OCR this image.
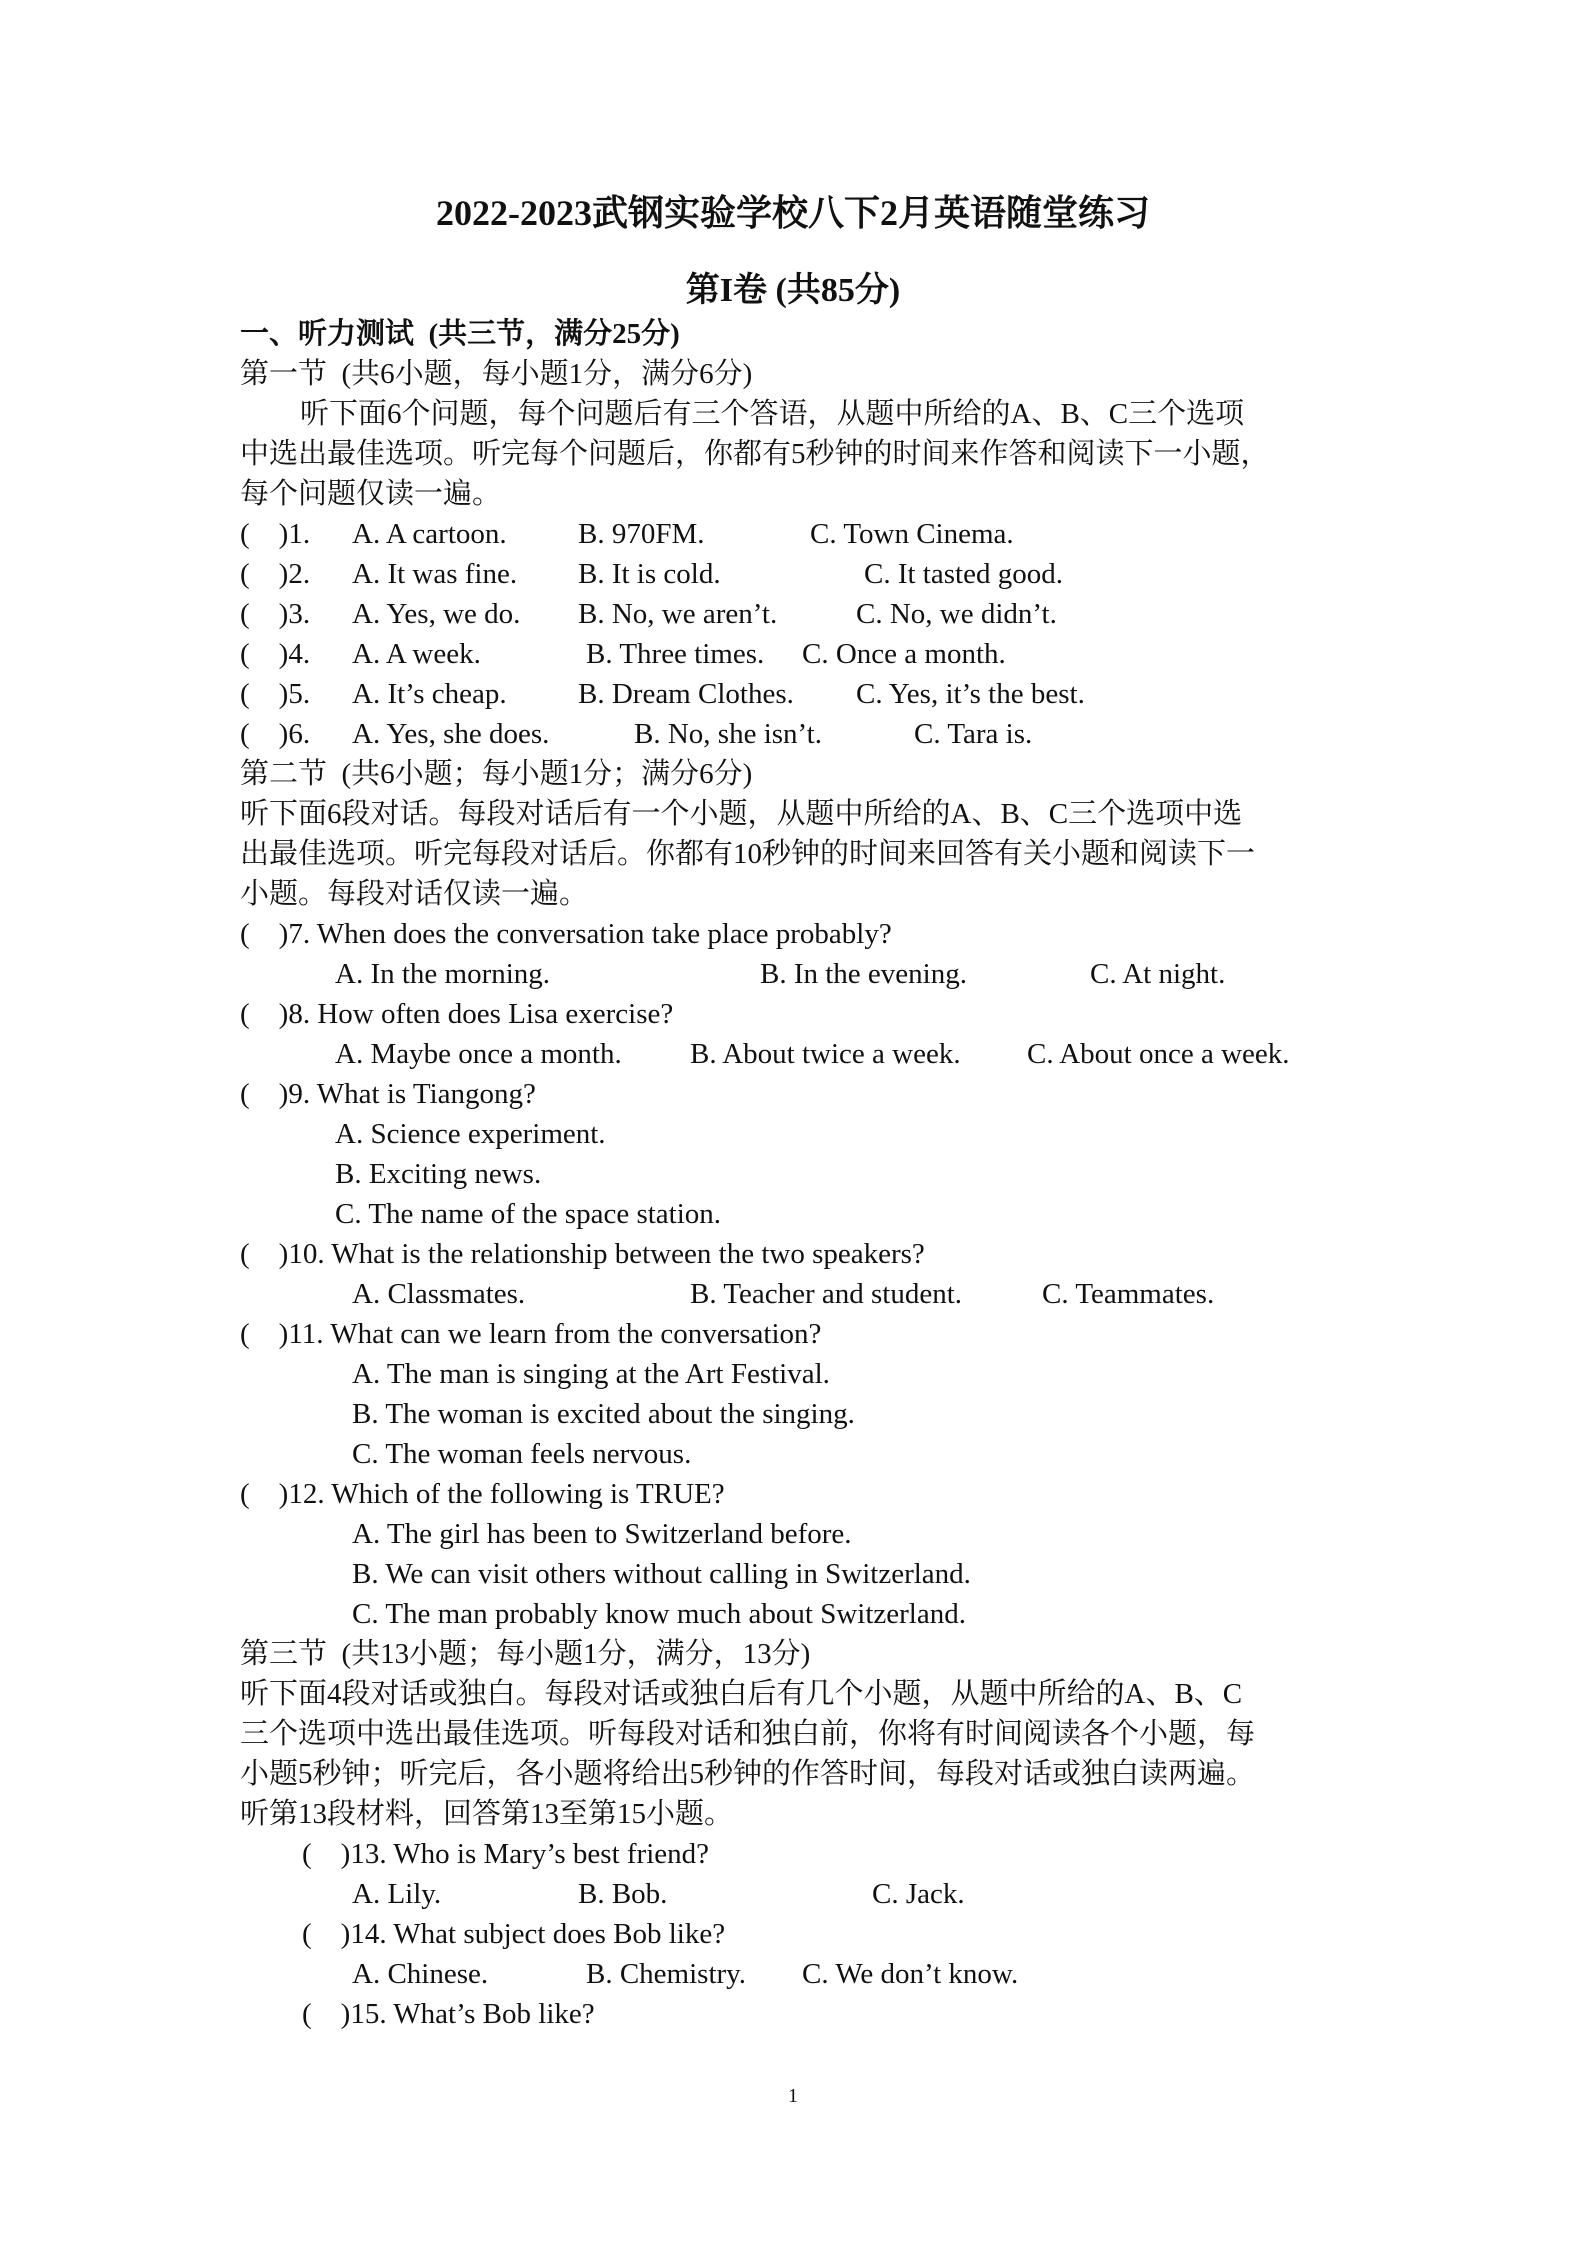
2022-2023武钢实验学校八下2月英语随堂练习
第I卷 (共85分)
一、听力测试  (共三节，满分25分)
第一节  (共6小题，每小题1分，满分6分)
听下面6个问题，每个问题后有三个答语，从题中所给的A、B、C三个选项
中选出最佳选项。听完每个问题后，你都有5秒钟的时间来作答和阅读下一小题，
每个问题仅读一遍。
(    )1. A. A cartoon. B. 970FM.	C. Town Cinema.
(    )2. A. It was fine. B. It is cold.	C. It tasted good.
(    )3. A. Yes, we do. B. No, we aren’t.	C. No, we didn’t.
(    )4. A. A week.	B. Three times. C. Once a month.
(    )5. A. It’s cheap. B. Dream Clothes. C. Yes, it’s the best.
(    )6. A. Yes, she does.	B. No, she isn’t.	C. Tara is.
第二节  (共6小题；每小题1分；满分6分)
听下面6段对话。每段对话后有一个小题，从题中所给的A、B、C三个选项中选
出最佳选项。听完每段对话后。你都有10秒钟的时间来回答有关小题和阅读下一
小题。每段对话仅读一遍。
(    )7. When does the conversation take place probably?
A. In the morning.	B. In the evening.	C. At night.
(    )8. How often does Lisa exercise?
A. Maybe once a month. B. About twice a week. C. About once a week.
(    )9. What is Tiangong?
A. Science experiment.
B. Exciting news.
C. The name of the space station.
(    )10. What is the relationship between the two speakers?
A. Classmates.	B. Teacher and student.	C. Teammates.
(    )11. What can we learn from the conversation?
A. The man is singing at the Art Festival.
B. The woman is excited about the singing.
C. The woman feels nervous.
(    )12. Which of the following is TRUE?
A. The girl has been to Switzerland before.
B. We can visit others without calling in Switzerland.
C. The man probably know much about Switzerland.
第三节  (共13小题；每小题1分，满分，13分)
听下面4段对话或独白。每段对话或独白后有几个小题，从题中所给的A、B、C
三个选项中选出最佳选项。听每段对话和独白前，你将有时间阅读各个小题，每
小题5秒钟；听完后，各小题将给出5秒钟的作答时间，每段对话或独白读两遍。
听第13段材料，回答第13至第15小题。
(    )13. Who is Mary’s best friend?
A. Lily.	B. Bob.	C. Jack.
(    )14. What subject does Bob like?
A. Chinese.	B. Chemistry. C. We don’t know.
(    )15. What’s Bob like?
1
